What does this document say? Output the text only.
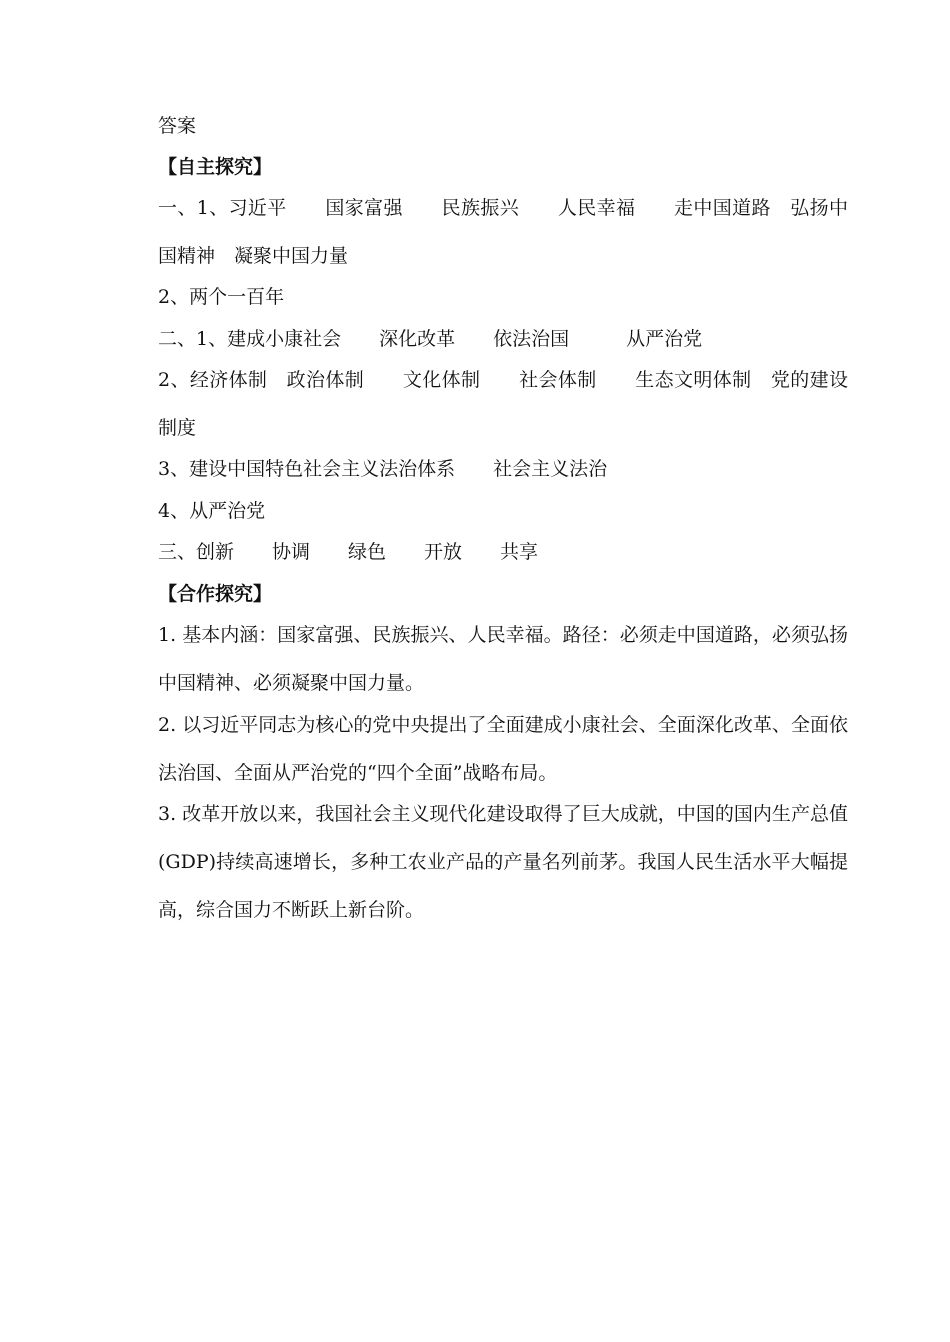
答案
【自主探究】
一、1、习近平　　国家富强　　民族振兴　　人民幸福　　走中国道路　弘扬中国精神　凝聚中国力量
2、两个一百年
二、1、建成小康社会　　深化改革　　依法治国　　　从严治党
2、经济体制　政治体制　　文化体制　　社会体制　　生态文明体制　党的建设制度
3、建设中国特色社会主义法治体系　　社会主义法治
4、从严治党
三、创新　　协调　　绿色　　开放　　共享
【合作探究】
1. 基本内涵：国家富强、民族振兴、人民幸福。路径：必须走中国道路，必须弘扬中国精神、必须凝聚中国力量。
2. 以习近平同志为核心的党中央提出了全面建成小康社会、全面深化改革、全面依法治国、全面从严治党的“四个全面”战略布局。
3. 改革开放以来，我国社会主义现代化建设取得了巨大成就，中国的国内生产总值(GDP)持续高速增长，多种工农业产品的产量名列前茅。我国人民生活水平大幅提高，综合国力不断跃上新台阶。
